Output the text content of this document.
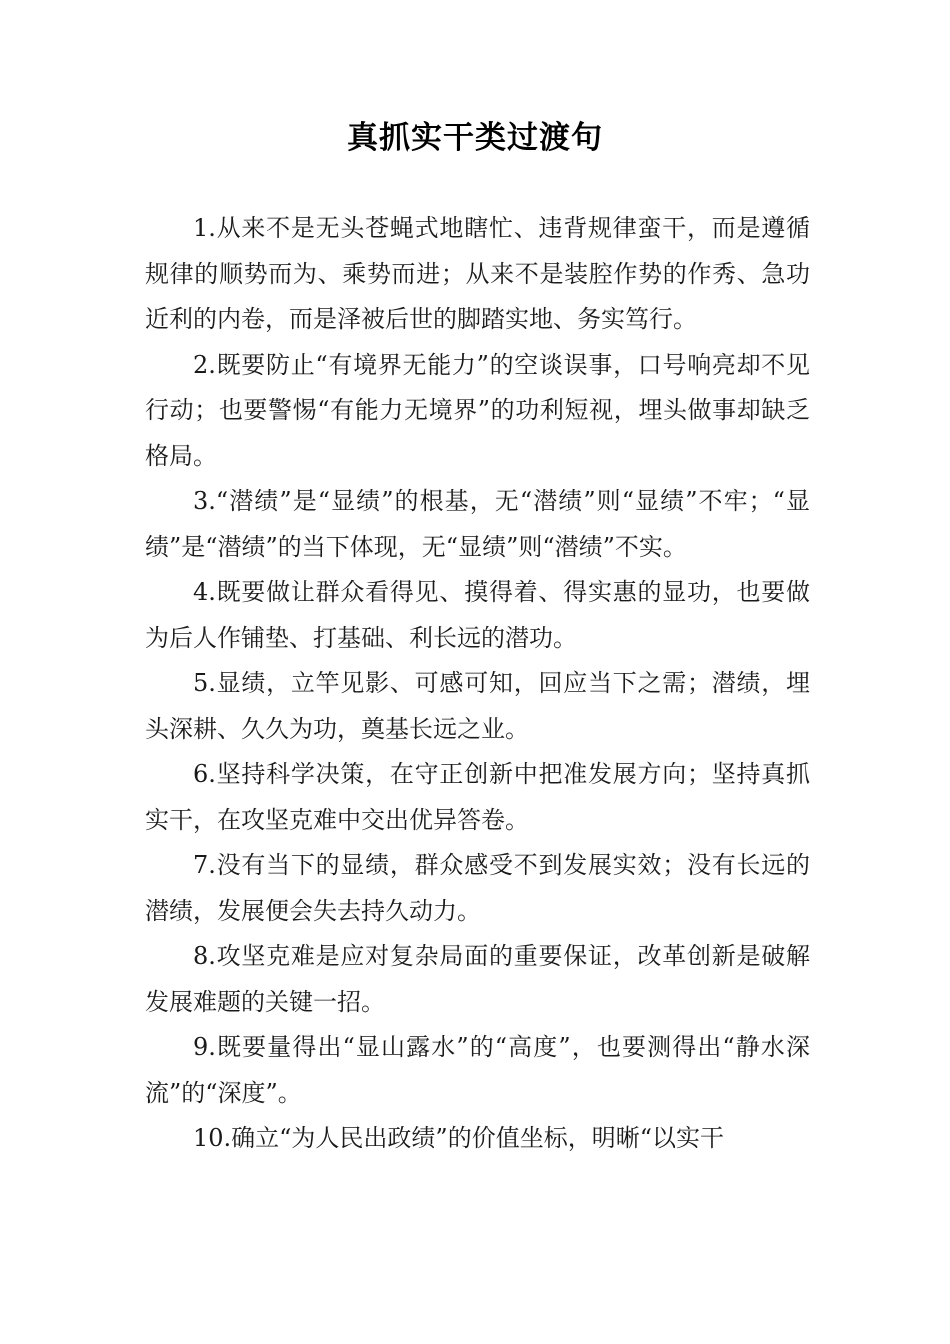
真抓实干类过渡句

1.从来不是无头苍蝇式地瞎忙、违背规律蛮干，而是遵循规律的顺势而为、乘势而进；从来不是装腔作势的作秀、急功近利的内卷，而是泽被后世的脚踏实地、务实笃行。

2.既要防止“有境界无能力”的空谈误事，口号响亮却不见行动；也要警惕“有能力无境界”的功利短视，埋头做事却缺乏格局。

3.“潜绩”是“显绩”的根基，无“潜绩”则“显绩”不牢；“显绩”是“潜绩”的当下体现，无“显绩”则“潜绩”不实。

4.既要做让群众看得见、摸得着、得实惠的显功，也要做为后人作铺垫、打基础、利长远的潜功。

5.显绩，立竿见影、可感可知，回应当下之需；潜绩，埋头深耕、久久为功，奠基长远之业。

6.坚持科学决策，在守正创新中把准发展方向；坚持真抓实干，在攻坚克难中交出优异答卷。

7.没有当下的显绩，群众感受不到发展实效；没有长远的潜绩，发展便会失去持久动力。

8.攻坚克难是应对复杂局面的重要保证，改革创新是破解发展难题的关键一招。

9.既要量得出“显山露水”的“高度”，也要测得出“静水深流”的“深度”。

10.确立“为人民出政绩”的价值坐标，明晰“以实干
